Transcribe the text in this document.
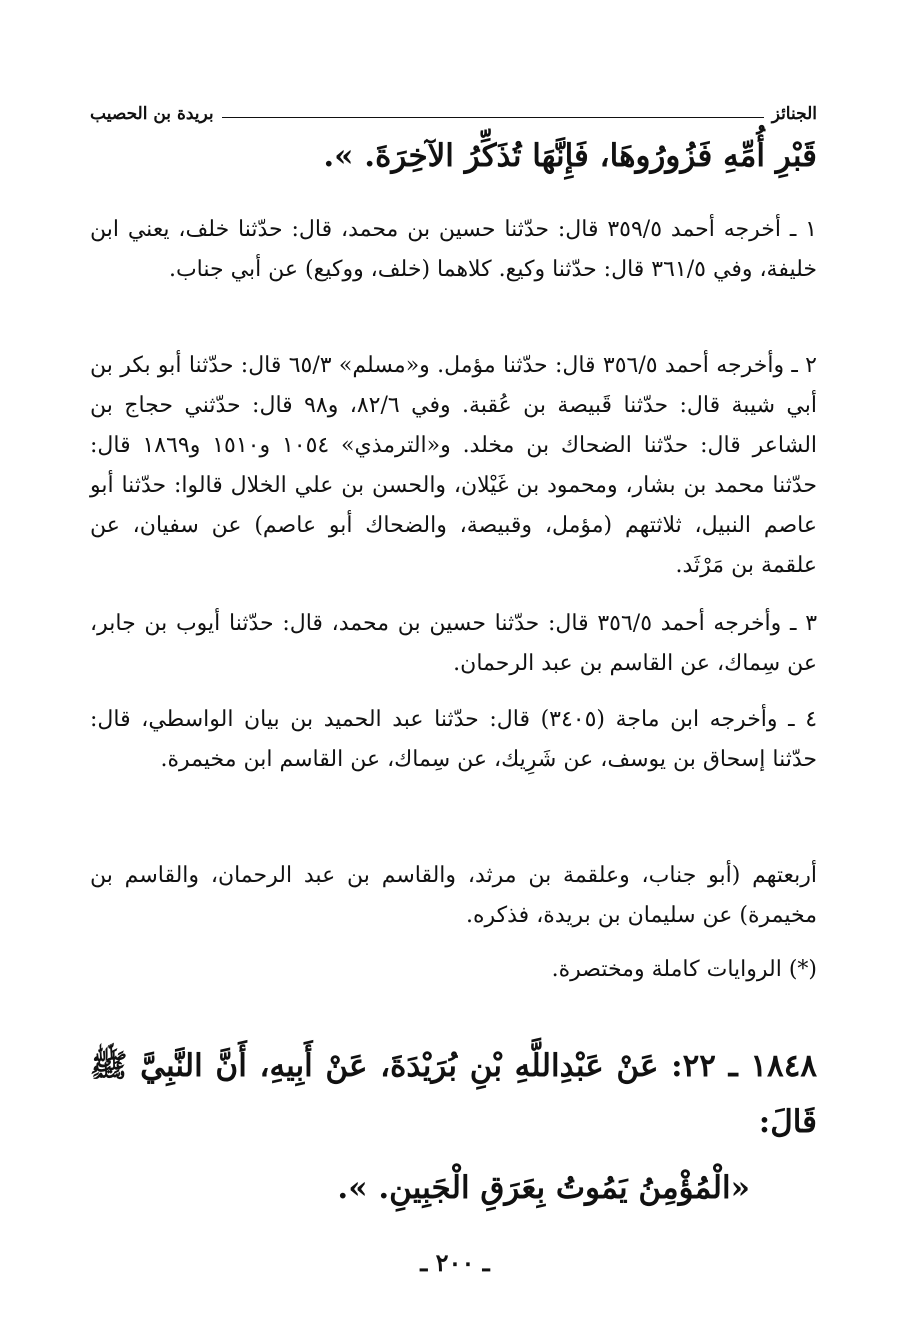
الجنائز
بريدة بن الحصيب
قَبْرِ أُمِّهِ فَزُورُوهَا، فَإِنَّهَا تُذَكِّرُ الآخِرَةَ. ».
١ ـ أخرجه أحمد ٣٥٩/٥ قال: حدّثنا حسين بن محمد، قال: حدّثنا خلف، يعني ابن خليفة، وفي ٣٦١/٥ قال: حدّثنا وكيع. كلاهما (خلف، ووكيع) عن أبي جناب.
٢ ـ وأخرجه أحمد ٣٥٦/٥ قال: حدّثنا مؤمل. و«مسلم» ٦٥/٣ قال: حدّثنا أبو بكر بن أبي شيبة قال: حدّثنا قَبيصة بن عُقبة. وفي ٨٢/٦، و٩٨ قال: حدّثني حجاج بن الشاعر قال: حدّثنا الضحاك بن مخلد. و«الترمذي» ١٠٥٤ و١٥١٠ و١٨٦٩ قال: حدّثنا محمد بن بشار، ومحمود بن غَيْلان، والحسن بن علي الخلال قالوا: حدّثنا أبو عاصم النبيل، ثلاثتهم (مؤمل، وقبيصة، والضحاك أبو عاصم) عن سفيان، عن علقمة بن مَرْثَد.
٣ ـ وأخرجه أحمد ٣٥٦/٥ قال: حدّثنا حسين بن محمد، قال: حدّثنا أيوب بن جابر، عن سِماك، عن القاسم بن عبد الرحمان.
٤ ـ وأخرجه ابن ماجة (٣٤٠٥) قال: حدّثنا عبد الحميد بن بيان الواسطي، قال: حدّثنا إسحاق بن يوسف، عن شَرِيك، عن سِماك، عن القاسم ابن مخيمرة.
أربعتهم (أبو جناب، وعلقمة بن مرثد، والقاسم بن عبد الرحمان، والقاسم بن مخيمرة) عن سليمان بن بريدة، فذكره.
(*) الروايات كاملة ومختصرة.
١٨٤٨ ـ ٢٢: عَنْ عَبْدِاللَّهِ بْنِ بُرَيْدَةَ، عَنْ أَبِيهِ، أَنَّ النَّبِيَّ ﷺ قَالَ:
«الْمُؤْمِنُ يَمُوتُ بِعَرَقِ الْجَبِينِ. ».
ـ ٢٠٠ ـ
